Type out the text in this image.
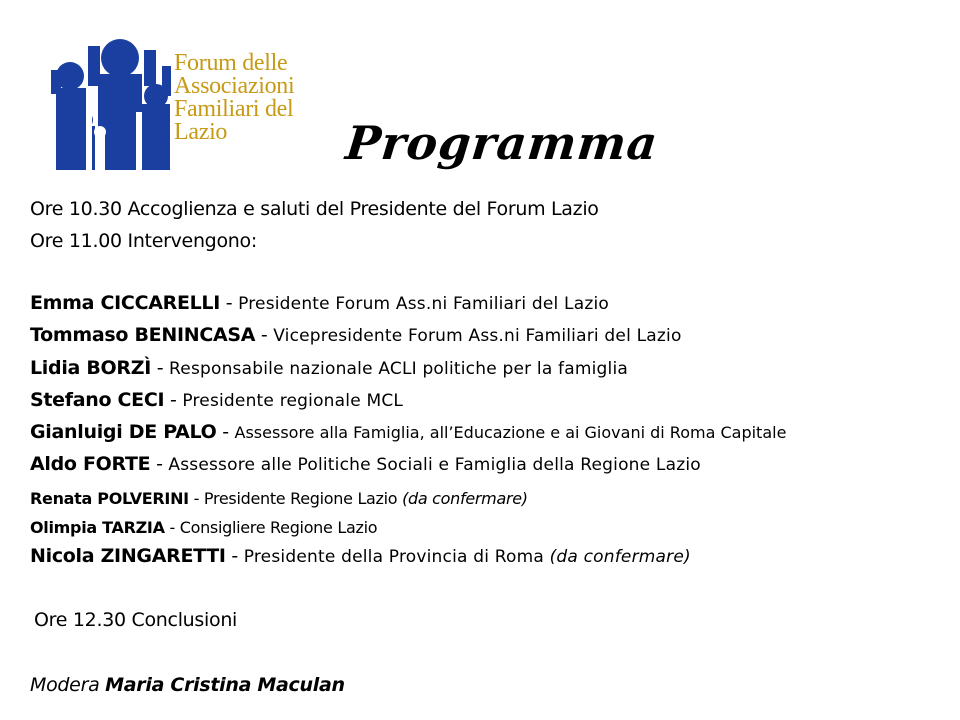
Forum delle
Associazioni
Familiari del
Lazio	Programma
Ore 10.30 Accoglienza e saluti del Presidente del Forum Lazio
Ore 11.00 Intervengono:
Emma CICCARELLI - Presidente Forum Ass.ni Familiari del Lazio
Tommaso BENINCASA - Vicepresidente Forum Ass.ni Familiari del Lazio
Lidia BORZÌ - Responsabile nazionale ACLI politiche per la famiglia
Stefano CECI - Presidente regionale MCL
Gianluigi DE PALO - Assessore alla Famiglia, all’Educazione e ai Giovani di Roma Capitale
Aldo FORTE - Assessore alle Politiche Sociali e Famiglia della Regione Lazio
Renata POLVERINI - Presidente Regione Lazio (da confermare)
Olimpia TARZIA - Consigliere Regione Lazio
Nicola ZINGARETTI - Presidente della Provincia di Roma (da confermare)
Ore 12.30 Conclusioni
Modera Maria Cristina Maculan
